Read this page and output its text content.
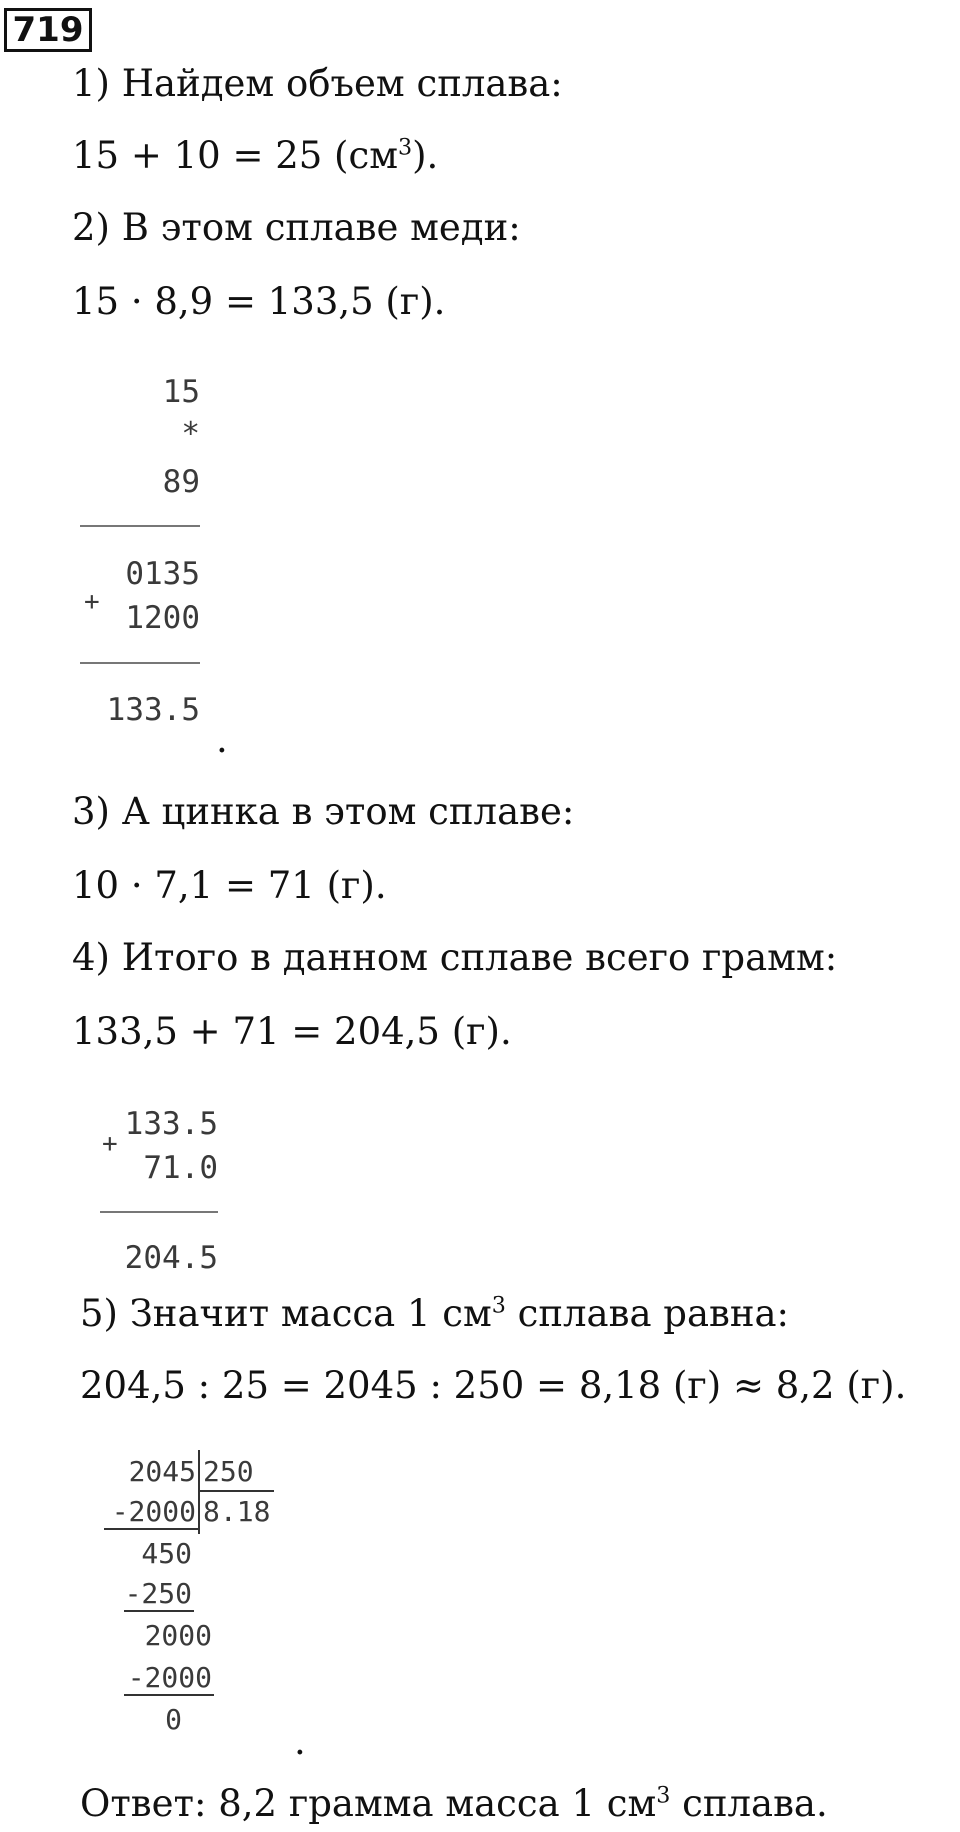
719
1) Найдем объем сплава:
15 + 10 = 25 $(см^3)$.
2) В этом сплаве меди:
15 · 8,9 = 133,5 (г).
15
*
89
0135
+ 1200
133.5
.
3) А цинка в этом сплаве:
10 · 7,1 = 71 (г).
4) Итого в данном сплаве всего грамм:
133,5 + 71 = 204,5 (г).
+
133.5
71.0
204.5
5) Значит масса 1 $см^3$ сплава равна:
204,5 : 25 = 2045 : 250 = 8,18 (г) ≈ 8,2 (г).
2045 250
-2000 8.18
450
-250
2000
-2000
0
.
Ответ: 8,2 грамма масса 1 $см^3$ сплава.
